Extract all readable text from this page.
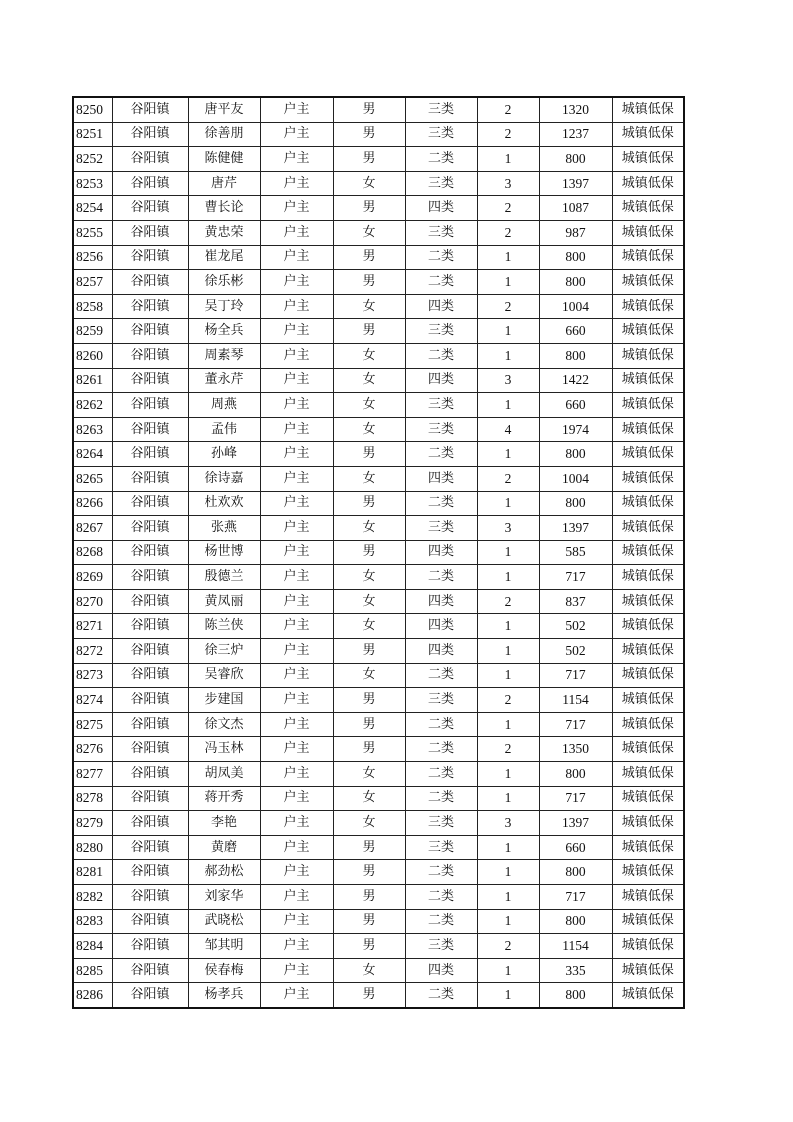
8250	谷阳镇	唐平友	户主	男	三类	2	1320	城镇低保
8251	谷阳镇	徐善朋	户主	男	三类	2	1237	城镇低保
8252	谷阳镇	陈健健	户主	男	二类	1	800	城镇低保
8253	谷阳镇	唐芹	户主	女	三类	3	1397	城镇低保
8254	谷阳镇	曹长论	户主	男	四类	2	1087	城镇低保
8255	谷阳镇	黄忠荣	户主	女	三类	2	987	城镇低保
8256	谷阳镇	崔龙尾	户主	男	二类	1	800	城镇低保
8257	谷阳镇	徐乐彬	户主	男	二类	1	800	城镇低保
8258	谷阳镇	吴丁玲	户主	女	四类	2	1004	城镇低保
8259	谷阳镇	杨全兵	户主	男	三类	1	660	城镇低保
8260	谷阳镇	周素琴	户主	女	二类	1	800	城镇低保
8261	谷阳镇	董永芹	户主	女	四类	3	1422	城镇低保
8262	谷阳镇	周燕	户主	女	三类	1	660	城镇低保
8263	谷阳镇	孟伟	户主	女	三类	4	1974	城镇低保
8264	谷阳镇	孙峰	户主	男	二类	1	800	城镇低保
8265	谷阳镇	徐诗嘉	户主	女	四类	2	1004	城镇低保
8266	谷阳镇	杜欢欢	户主	男	二类	1	800	城镇低保
8267	谷阳镇	张燕	户主	女	三类	3	1397	城镇低保
8268	谷阳镇	杨世博	户主	男	四类	1	585	城镇低保
8269	谷阳镇	殷德兰	户主	女	二类	1	717	城镇低保
8270	谷阳镇	黄凤丽	户主	女	四类	2	837	城镇低保
8271	谷阳镇	陈兰侠	户主	女	四类	1	502	城镇低保
8272	谷阳镇	徐三炉	户主	男	四类	1	502	城镇低保
8273	谷阳镇	吴睿欣	户主	女	二类	1	717	城镇低保
8274	谷阳镇	步建国	户主	男	三类	2	1154	城镇低保
8275	谷阳镇	徐文杰	户主	男	二类	1	717	城镇低保
8276	谷阳镇	冯玉林	户主	男	二类	2	1350	城镇低保
8277	谷阳镇	胡凤美	户主	女	二类	1	800	城镇低保
8278	谷阳镇	蒋开秀	户主	女	二类	1	717	城镇低保
8279	谷阳镇	李艳	户主	女	三类	3	1397	城镇低保
8280	谷阳镇	黄磨	户主	男	三类	1	660	城镇低保
8281	谷阳镇	郝劲松	户主	男	二类	1	800	城镇低保
8282	谷阳镇	刘家华	户主	男	二类	1	717	城镇低保
8283	谷阳镇	武晓松	户主	男	二类	1	800	城镇低保
8284	谷阳镇	邹其明	户主	男	三类	2	1154	城镇低保
8285	谷阳镇	侯春梅	户主	女	四类	1	335	城镇低保
8286	谷阳镇	杨孝兵	户主	男	二类	1	800	城镇低保
